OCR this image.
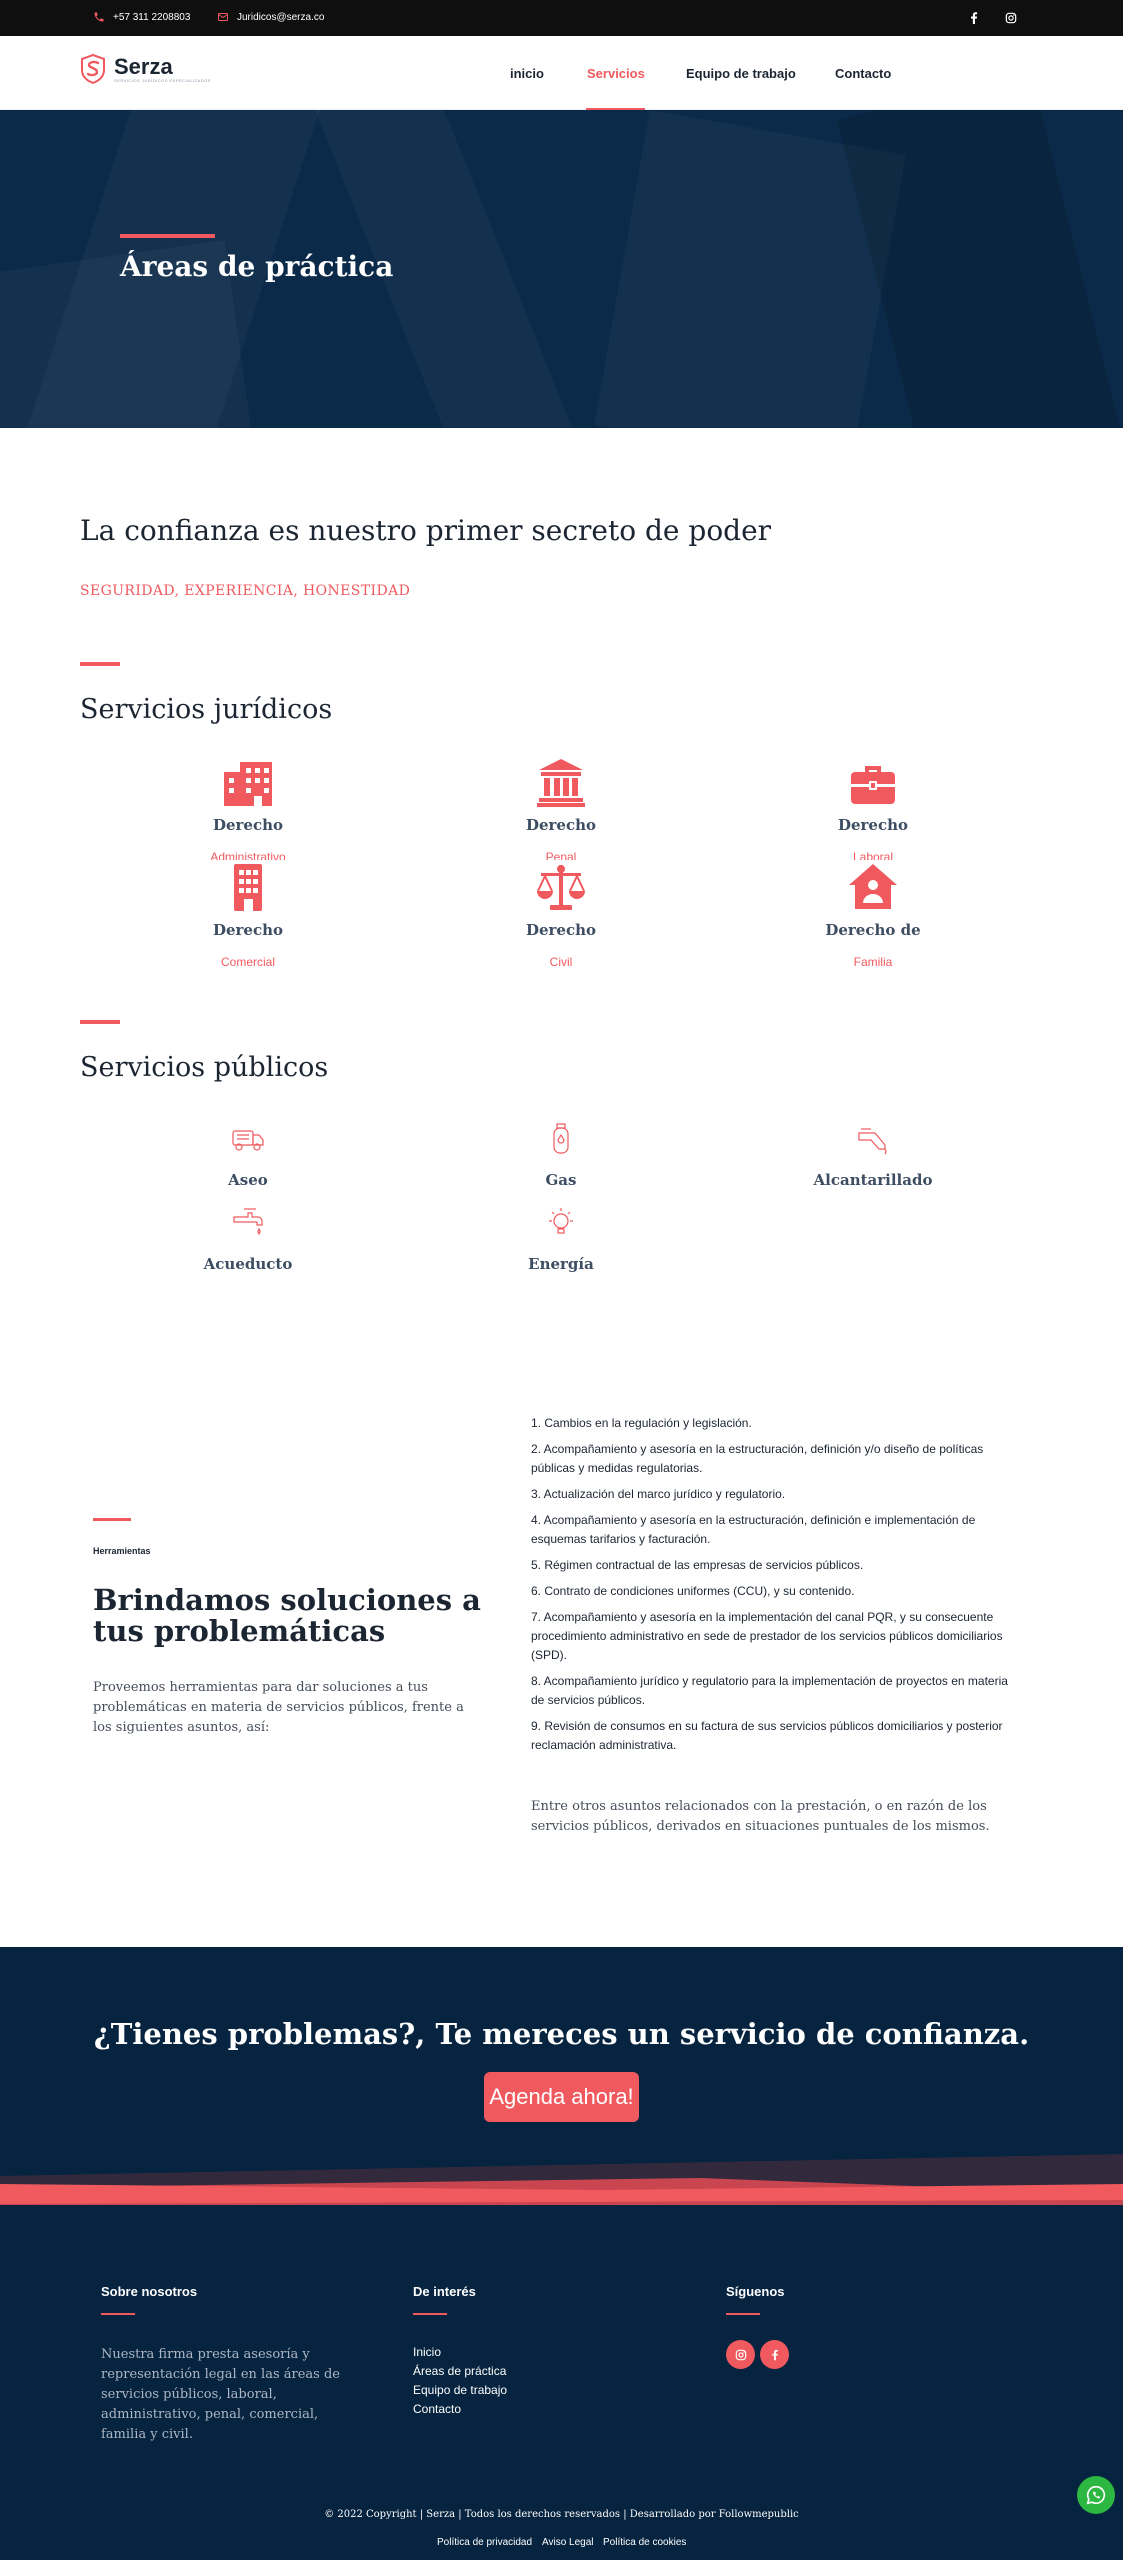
+57 311 2208803	Juridicos@serza.co
Serza
SERVICIOS JURÍDICOS ESPECIALIZADOS	inicio	Servicios	Equipo de trabajo	Contacto
Áreas de práctica
La confianza es nuestro primer secreto de poder
SEGURIDAD, EXPERIENCIA, HONESTIDAD
Servicios jurídicos
Derecho
Administrativo
Derecho
Penal
Derecho
Laboral
Derecho
Comercial
Derecho
Civil
Derecho de
Familia
Servicios públicos
Aseo	Gas	Alcantarillado
Acueducto	Energía
Herramientas
Brindamos soluciones a tus problemáticas
Proveemos herramientas para dar soluciones a tus problemáticas en materia de servicios públicos, frente a los siguientes asuntos, así:
1. Cambios en la regulación y legislación.
2. Acompañamiento y asesoría en la estructuración, definición y/o diseño de políticas públicas y medidas regulatorias.
3. Actualización del marco jurídico y regulatorio.
4. Acompañamiento y asesoría en la estructuración, definición e implementación de esquemas tarifarios y facturación.
5. Régimen contractual de las empresas de servicios públicos.
6. Contrato de condiciones uniformes (CCU), y su contenido.
7. Acompañamiento y asesoría en la implementación del canal PQR, y su consecuente procedimiento administrativo en sede de prestador de los servicios públicos domiciliarios (SPD).
8. Acompañamiento jurídico y regulatorio para la implementación de proyectos en materia de servicios públicos.
9. Revisión de consumos en su factura de sus servicios públicos domiciliarios y posterior reclamación administrativa.
Entre otros asuntos relacionados con la prestación, o en razón de los servicios públicos, derivados en situaciones puntuales de los mismos.
¿Tienes problemas?, Te mereces un servicio de confianza.
Agenda ahora!
Sobre nosotros
Nuestra firma presta asesoría y representación legal en las áreas de servicios públicos, laboral, administrativo, penal, comercial, familia y civil.
De interés
Inicio
Áreas de práctica
Equipo de trabajo
Contacto
Síguenos
© 2022 Copyright | Serza | Todos los derechos reservados | Desarrollado por Followmepublic
Política de privacidad Aviso Legal Política de cookies
